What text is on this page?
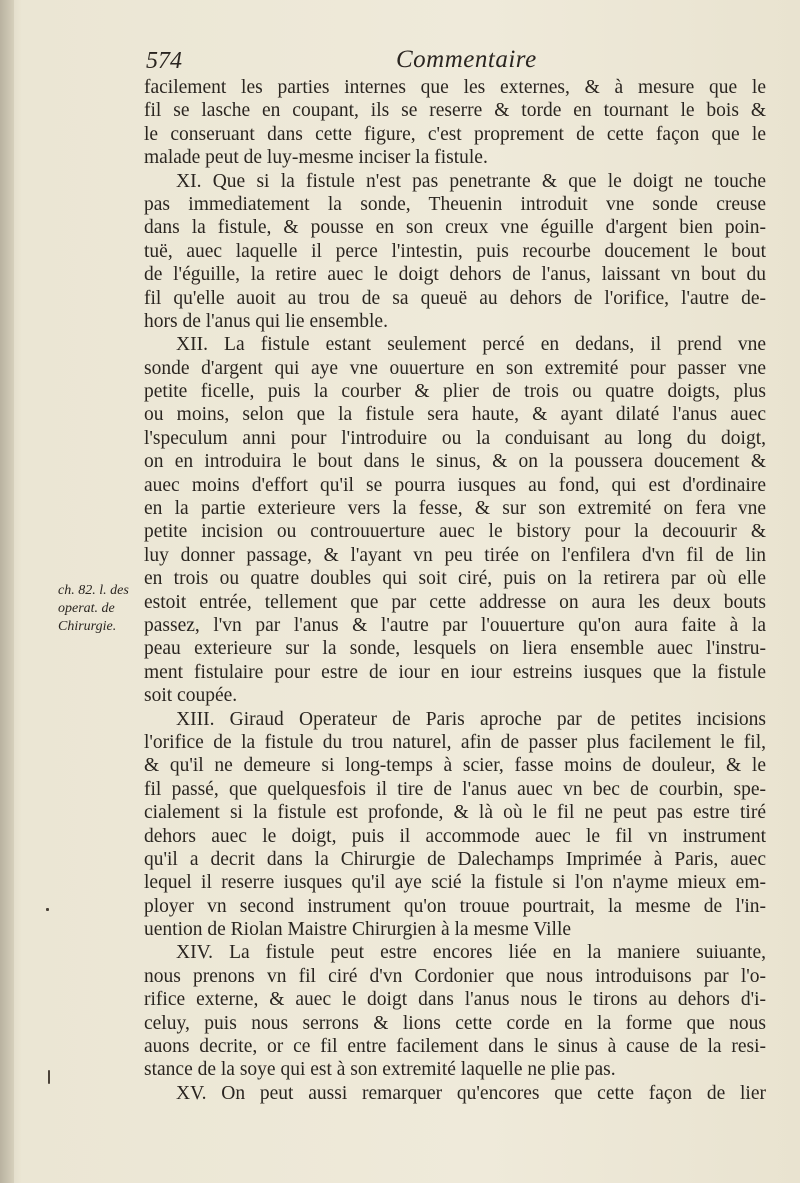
574	Commentaire
ch. 82. l. des
operat. de
Chirurgie.
facilement les parties internes que les externes, & à mesure que le
fil se lasche en coupant, ils se reserre & torde en tournant le bois &
le conseruant dans cette figure, c'est proprement de cette façon que le
malade peut de luy-mesme inciser la fistule.
XI. Que si la fistule n'est pas penetrante & que le doigt ne touche
pas immediatement la sonde, Theuenin introduit vne sonde creuse
dans la fistule, & pousse en son creux vne éguille d'argent bien poin-
tuë, auec laquelle il perce l'intestin, puis recourbe doucement le bout
de l'éguille, la retire auec le doigt dehors de l'anus, laissant vn bout du
fil qu'elle auoit au trou de sa queuë au dehors de l'orifice, l'autre de-
hors de l'anus qui lie ensemble.
XII. La fistule estant seulement percé en dedans, il prend vne
sonde d'argent qui aye vne ouuerture en son extremité pour passer vne
petite ficelle, puis la courber & plier de trois ou quatre doigts, plus
ou moins, selon que la fistule sera haute, & ayant dilaté l'anus auec
l'speculum anni pour l'introduire ou la conduisant au long du doigt,
on en introduira le bout dans le sinus, & on la poussera doucement &
auec moins d'effort qu'il se pourra iusques au fond, qui est d'ordinaire
en la partie exterieure vers la fesse, & sur son extremité on fera vne
petite incision ou controuuerture auec le bistory pour la decouurir &
luy donner passage, & l'ayant vn peu tirée on l'enfilera d'vn fil de lin
en trois ou quatre doubles qui soit ciré, puis on la retirera par où elle
estoit entrée, tellement que par cette addresse on aura les deux bouts
passez, l'vn par l'anus & l'autre par l'ouuerture qu'on aura faite à la
peau exterieure sur la sonde, lesquels on liera ensemble auec l'instru-
ment fistulaire pour estre de iour en iour estreins iusques que la fistule
soit coupée.
XIII. Giraud Operateur de Paris aproche par de petites incisions
l'orifice de la fistule du trou naturel, afin de passer plus facilement le fil,
& qu'il ne demeure si long-temps à scier, fasse moins de douleur, & le
fil passé, que quelquesfois il tire de l'anus auec vn bec de courbin, spe-
cialement si la fistule est profonde, & là où le fil ne peut pas estre tiré
dehors auec le doigt, puis il accommode auec le fil vn instrument
qu'il a decrit dans la Chirurgie de Dalechamps Imprimée à Paris, auec
lequel il reserre iusques qu'il aye scié la fistule si l'on n'ayme mieux em-
ployer vn second instrument qu'on trouue pourtrait, la mesme de l'in-
uention de Riolan Maistre Chirurgien à la mesme Ville
XIV. La fistule peut estre encores liée en la maniere suiuante,
nous prenons vn fil ciré d'vn Cordonier que nous introduisons par l'o-
rifice externe, & auec le doigt dans l'anus nous le tirons au dehors d'i-
celuy, puis nous serrons & lions cette corde en la forme que nous
auons decrite, or ce fil entre facilement dans le sinus à cause de la resi-
stance de la soye qui est à son extremité laquelle ne plie pas.
XV. On peut aussi remarquer qu'encores que cette façon de lier
